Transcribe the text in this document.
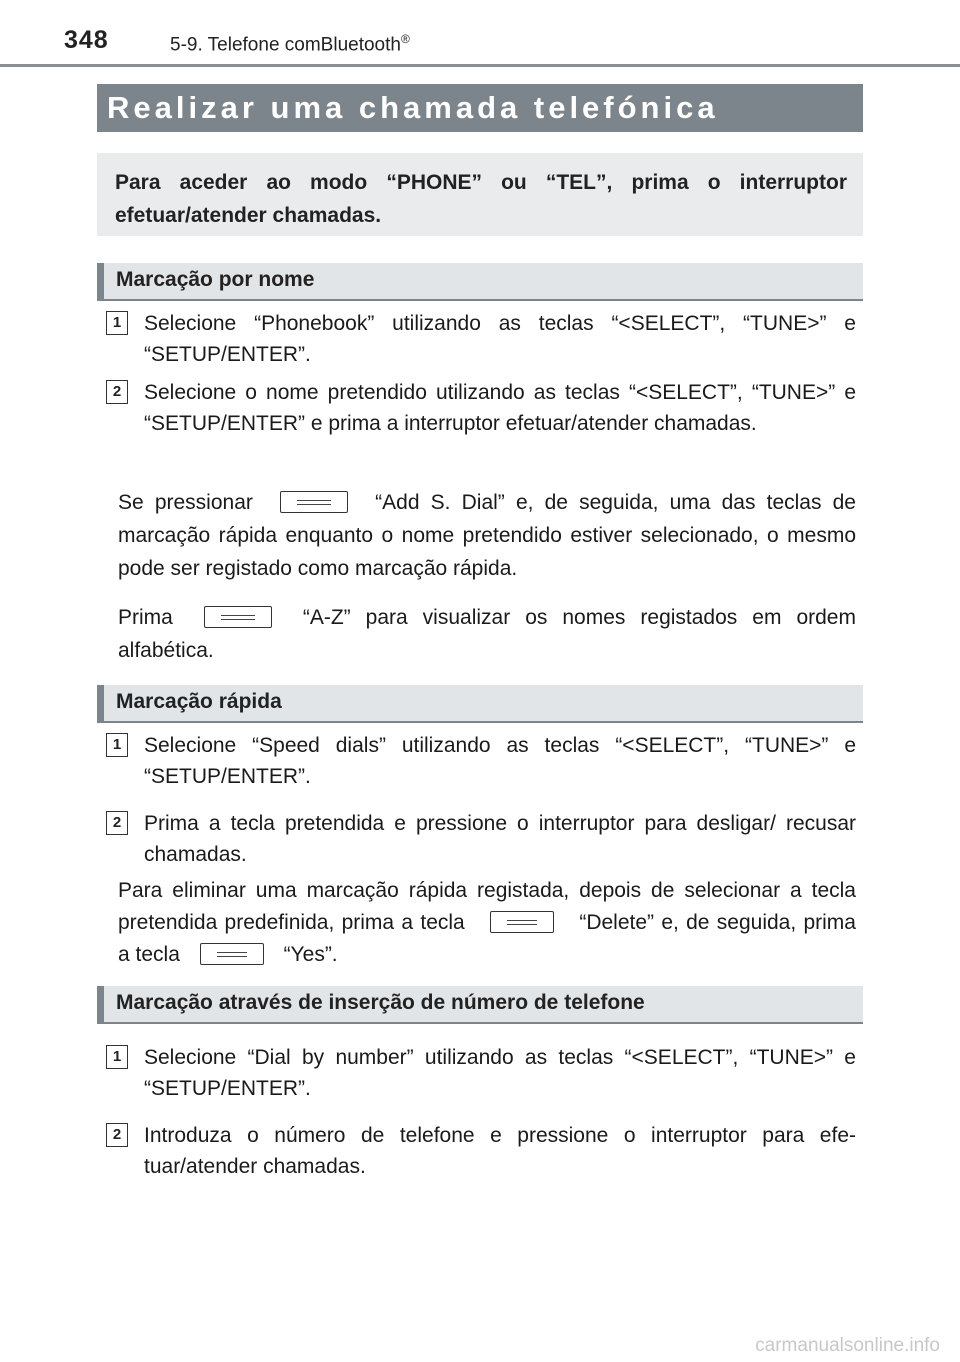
348	5-9. Telefone comBluetooth®
Realizar uma chamada telefónica
Para aceder ao modo “PHONE” ou “TEL”, prima o interruptor efetuar/atender chamadas.
Marcação por nome
1	Selecione “Phonebook” utilizando as teclas “<SELECT”, “TUNE>” e “SETUP/ENTER”.
2	Selecione o nome pretendido utilizando as teclas “<SELECT”, “TUNE>” e “SETUP/ENTER” e prima a interruptor efetuar/atender chamadas.
Se pressionar	“Add S. Dial” e, de seguida, uma das teclas de marcação rápida enquanto o nome pretendido estiver selecionado, o mesmo pode ser registado como marcação rápida.
Prima	“A-Z” para visualizar os nomes registados em ordem alfabética.
Marcação rápida
1	Selecione “Speed dials” utilizando as teclas “<SELECT”, “TUNE>” e “SETUP/ENTER”.
2	Prima a tecla pretendida e pressione o interruptor para desligar/ recusar chamadas.
Para eliminar uma marcação rápida registada, depois de selecionar a tecla pretendida predefinida, prima a tecla	“Delete” e, de seguida, prima a tecla	“Yes”.
Marcação através de inserção de número de telefone
1	Selecione “Dial by number” utilizando as teclas “<SELECT”, “TUNE>” e “SETUP/ENTER”.
2	Introduza o número de telefone e pressione o interruptor para efe-tuar/atender chamadas.
carmanualsonline.info
